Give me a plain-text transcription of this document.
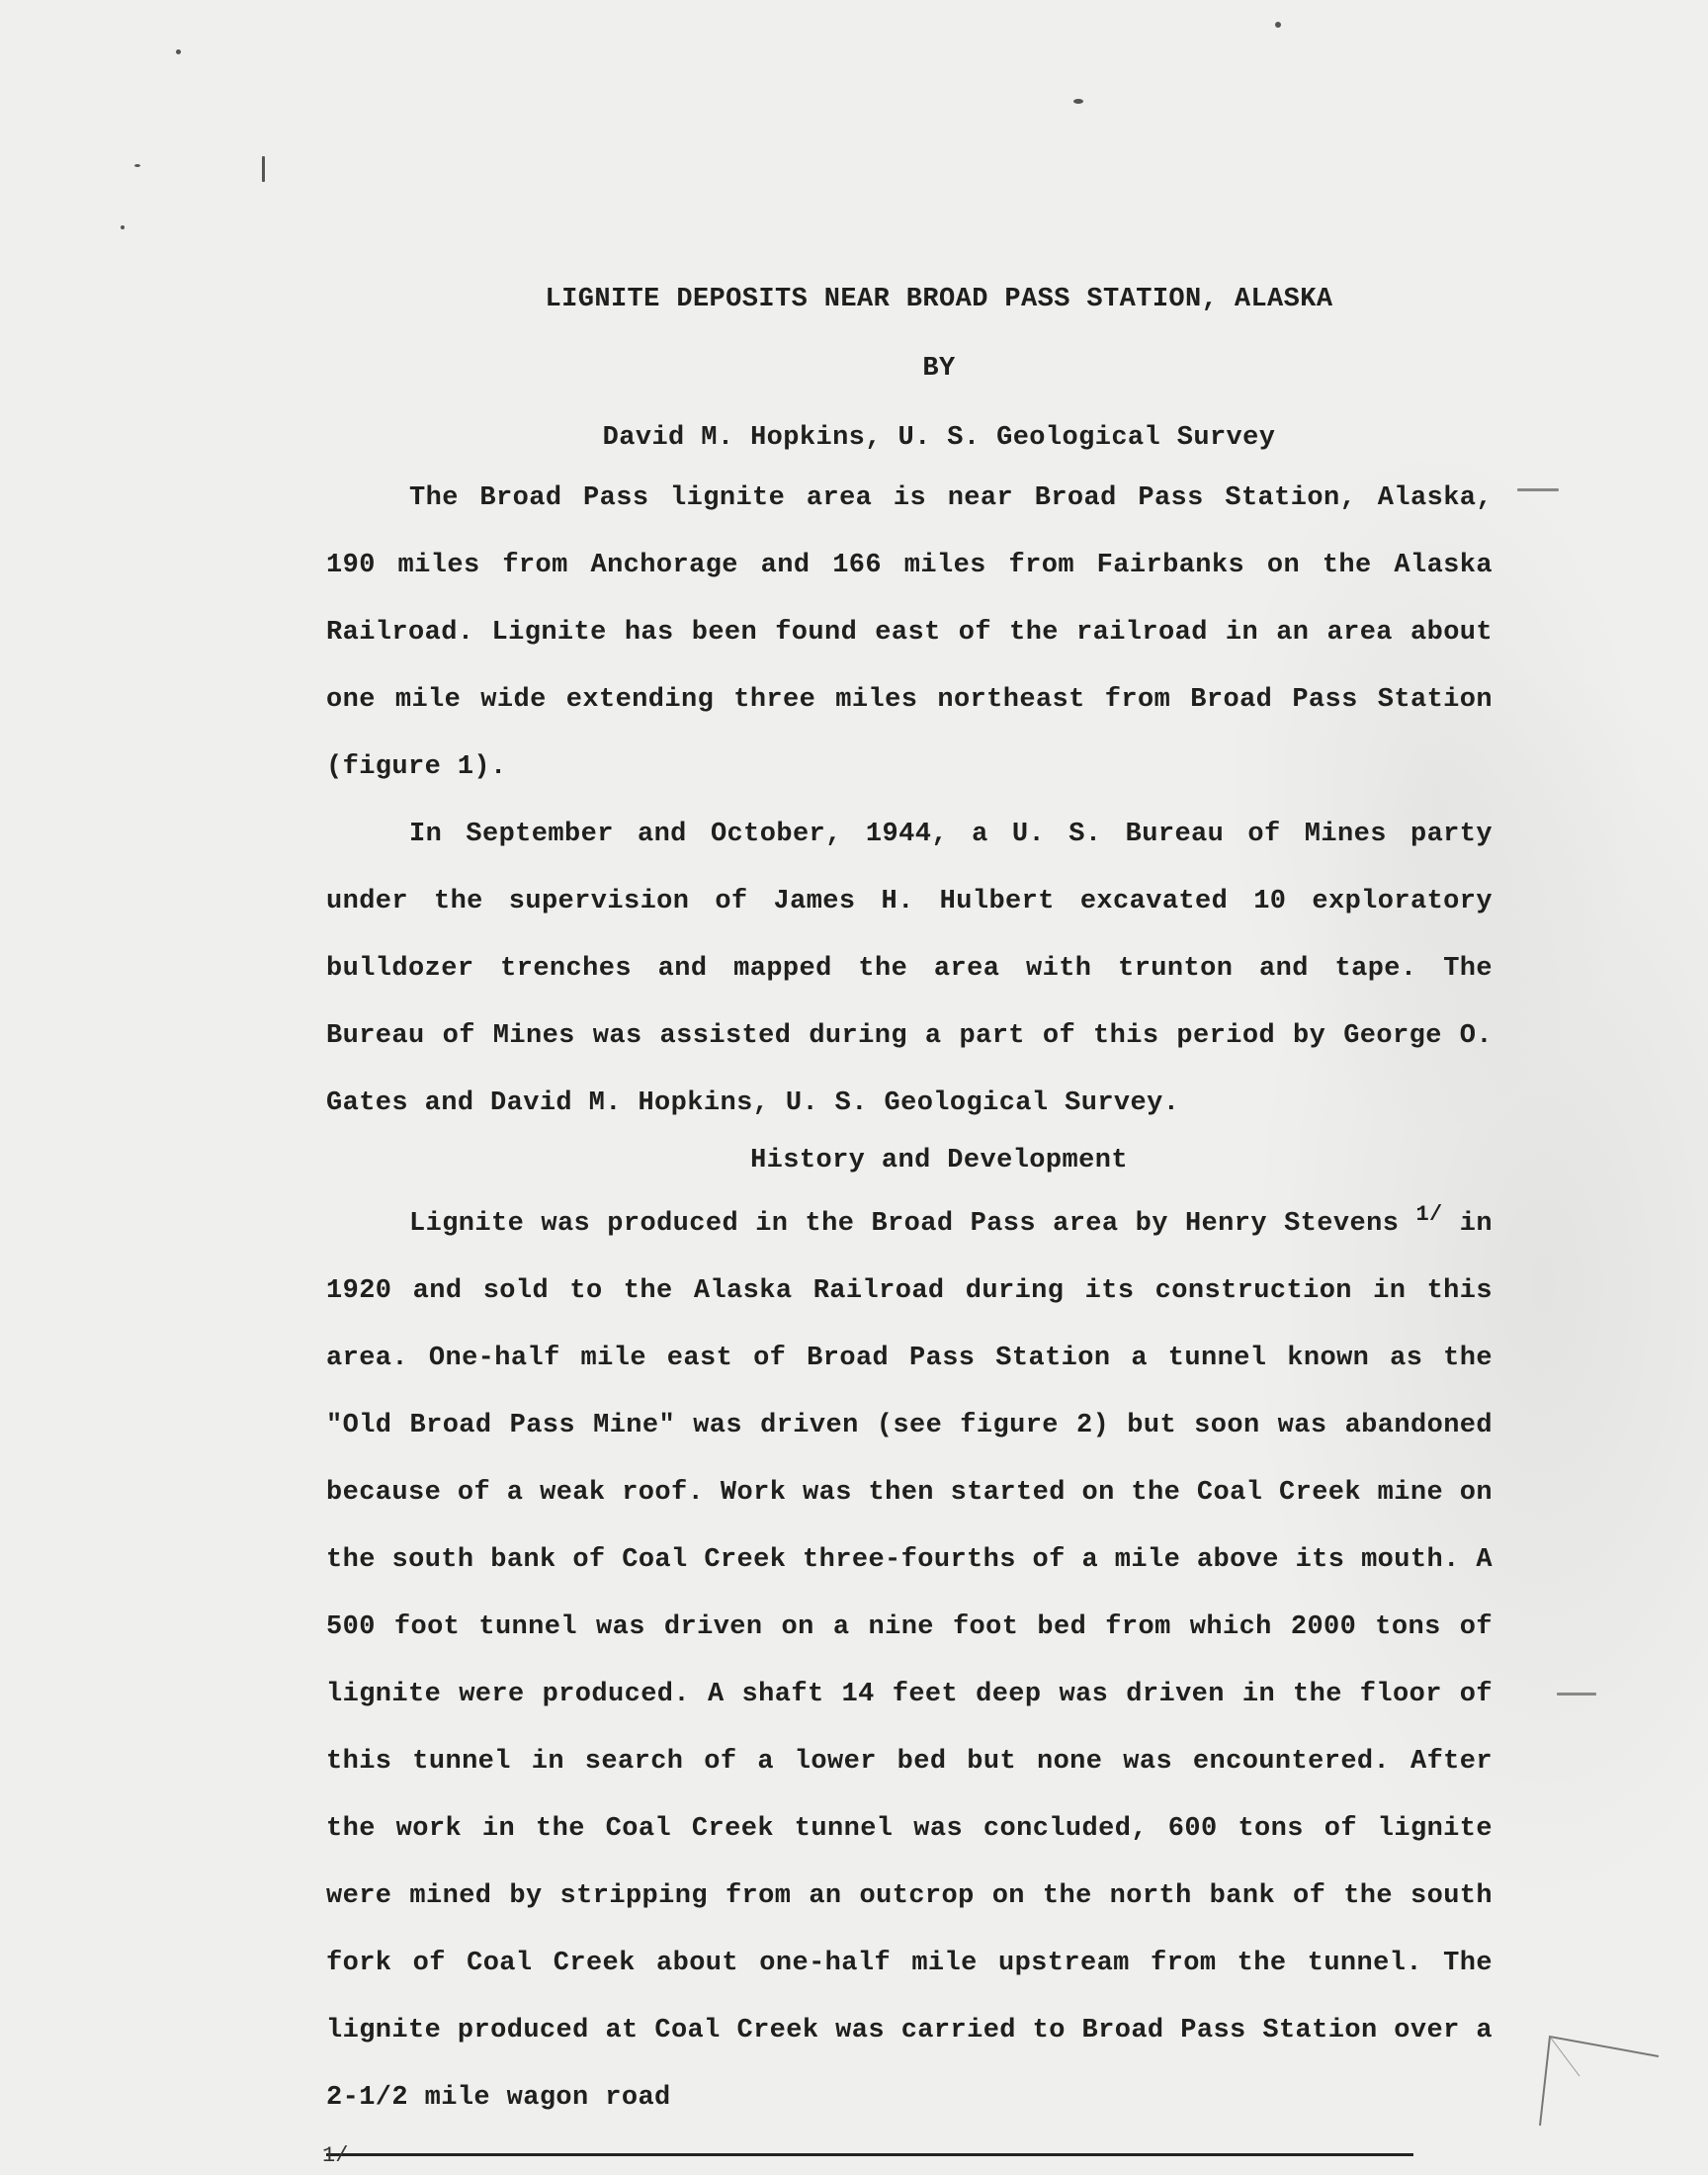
LIGNITE DEPOSITS NEAR BROAD PASS STATION, ALASKA
BY
David M. Hopkins, U. S. Geological Survey

The Broad Pass lignite area is near Broad Pass Station, Alaska, 190 miles from Anchorage and 166 miles from Fairbanks on the Alaska Railroad. Lignite has been found east of the railroad in an area about one mile wide extending three miles northeast from Broad Pass Station (figure 1).

In September and October, 1944, a U. S. Bureau of Mines party under the supervision of James H. Hulbert excavated 10 exploratory bulldozer trenches and mapped the area with trunton and tape. The Bureau of Mines was assisted during a part of this period by George O. Gates and David M. Hopkins, U. S. Geological Survey.

History and Development

Lignite was produced in the Broad Pass area by Henry Stevens $^{1/}$ in 1920 and sold to the Alaska Railroad during its construction in this area. One-half mile east of Broad Pass Station a tunnel known as the "Old Broad Pass Mine" was driven (see figure 2) but soon was abandoned because of a weak roof. Work was then started on the Coal Creek mine on the south bank of Coal Creek three-fourths of a mile above its mouth. A 500 foot tunnel was driven on a nine foot bed from which 2000 tons of lignite were produced. A shaft 14 feet deep was driven in the floor of this tunnel in search of a lower bed but none was encountered. After the work in the Coal Creek tunnel was concluded, 600 tons of lignite were mined by stripping from an outcrop on the north bank of the south fork of Coal Creek about one-half mile upstream from the tunnel. The lignite produced at Coal Creek was carried to Broad Pass Station over a 2-1/2 mile wagon road

1/
